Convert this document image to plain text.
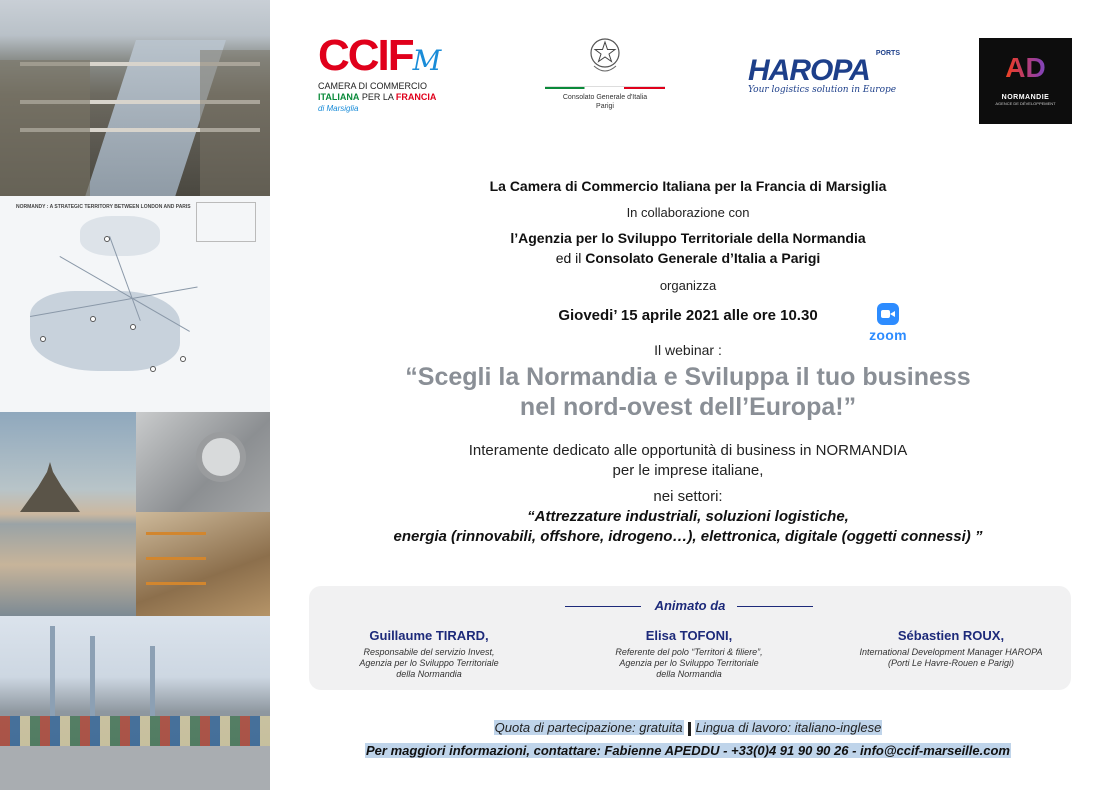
NORMANDY : A STRATEGIC TERRITORY BETWEEN LONDON AND PARIS
CCIFM
CAMERA DI COMMERCIO
ITALIANA PER LA FRANCIA
di Marsiglia
Consolato Generale d'Italia
Parigi
PORTS
HAROPA
Your logistics solution in Europe
AD
NORMANDIE
AGENCE DE DÉVELOPPEMENT
La Camera di Commercio Italiana per la Francia di Marsiglia
In collaborazione con
l’Agenzia per lo Sviluppo Territoriale della Normandia
ed il Consolato Generale d’Italia a Parigi
organizza
Giovedi’ 15 aprile 2021 alle ore 10.30
zoom
Il webinar :
“Scegli la Normandia e Sviluppa il tuo business
nel nord-ovest dell’Europa!”
Interamente dedicato alle opportunità di business in NORMANDIA
per le imprese italiane,
nei settori:
“Attrezzature industriali, soluzioni logistiche,
energia (rinnovabili, offshore, idrogeno…), elettronica, digitale (oggetti connessi) ”
Animato da
Guillaume TIRARD,
Responsabile del servizio Invest,
Agenzia per lo Sviluppo Territoriale
della Normandia
Elisa TOFONI,
Referente del polo “Territori & filiere”,
Agenzia per lo Sviluppo Territoriale
della Normandia
Sébastien ROUX,
International Development Manager HAROPA
(Porti Le Havre-Rouen e Parigi)
Quota di partecipazione: gratuita Lingua di lavoro: italiano-inglese
Per maggiori informazioni, contattare: Fabienne APEDDU - +33(0)4 91 90 90 26 - info@ccif-marseille.com
